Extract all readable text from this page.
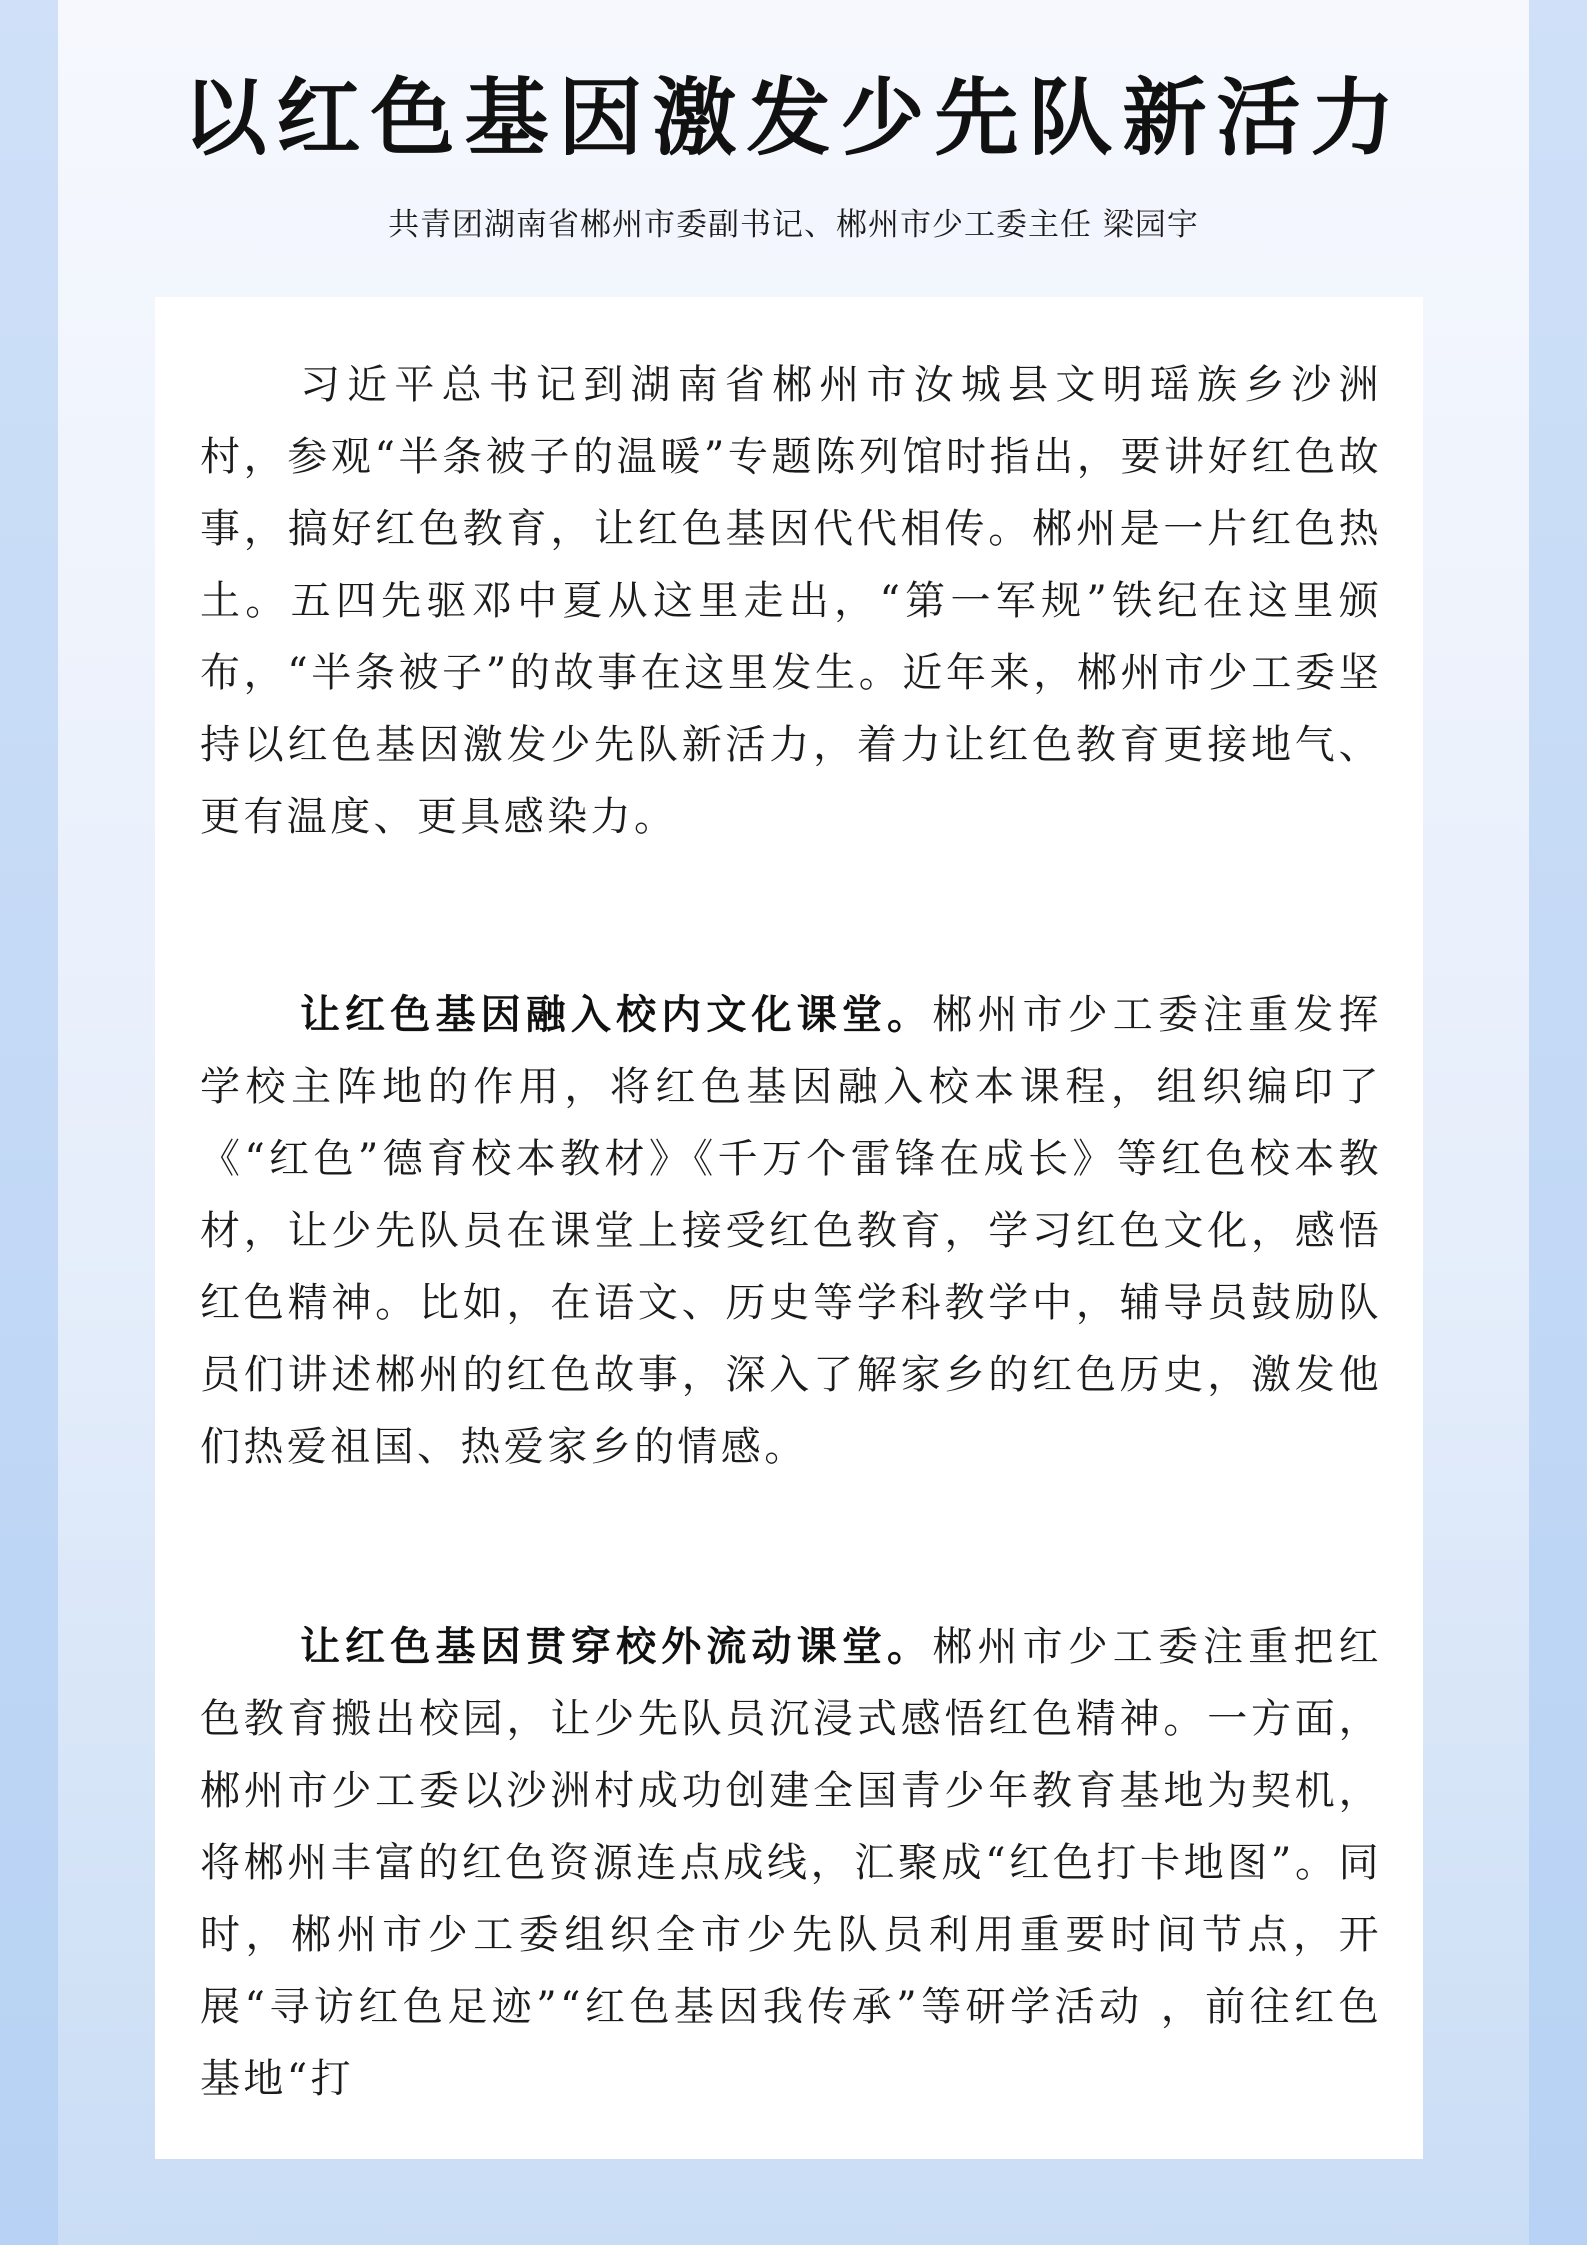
以红色基因激发少先队新活力
共青团湖南省郴州市委副书记、郴州市少工委主任 梁园宇

习近平总书记到湖南省郴州市汝城县文明瑶族乡沙洲村，参观“半条被子的温暖”专题陈列馆时指出，要讲好红色故事，搞好红色教育，让红色基因代代相传。郴州是一片红色热土。五四先驱邓中夏从这里走出，“第一军规”铁纪在这里颁布，“半条被子”的故事在这里发生。近年来，郴州市少工委坚持以红色基因激发少先队新活力，着力让红色教育更接地气、更有温度、更具感染力。

让红色基因融入校内文化课堂。郴州市少工委注重发挥学校主阵地的作用，将红色基因融入校本课程，组织编印了《“红色”德育校本教材》《千万个雷锋在成长》等红色校本教材，让少先队员在课堂上接受红色教育，学习红色文化，感悟红色精神。比如，在语文、历史等学科教学中，辅导员鼓励队员们讲述郴州的红色故事，深入了解家乡的红色历史，激发他们热爱祖国、热爱家乡的情感。

让红色基因贯穿校外流动课堂。郴州市少工委注重把红色教育搬出校园，让少先队员沉浸式感悟红色精神。一方面，郴州市少工委以沙洲村成功创建全国青少年教育基地为契机，将郴州丰富的红色资源连点成线，汇聚成“红色打卡地图”。同时，郴州市少工委组织全市少先队员利用重要时间节点，开展“寻访红色足迹”“红色基因我传承”等研学活动 ，前往红色基地“打
